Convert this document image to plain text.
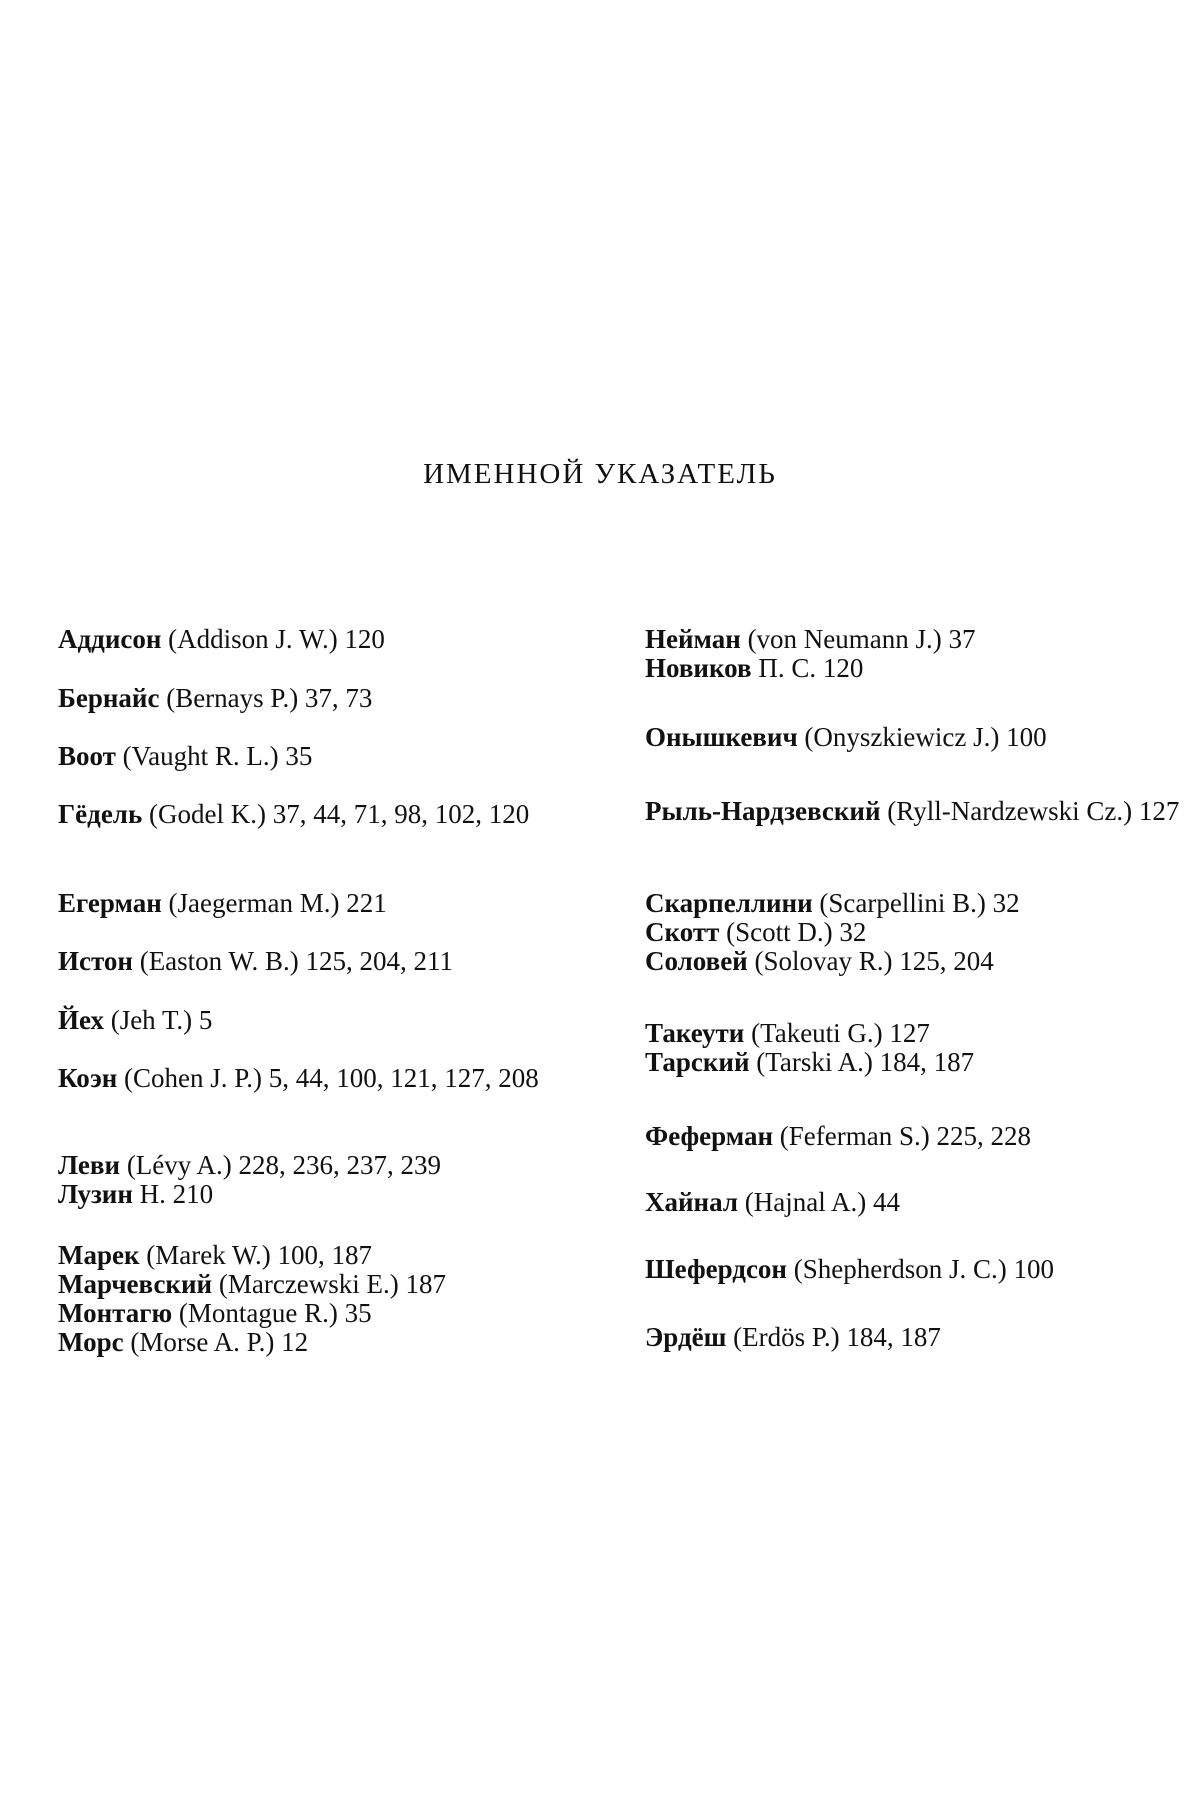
ИМЕННОЙ УКАЗАТЕЛЬ
Аддисон (Addison J. W.) 120
Бернайс (Bernays P.) 37, 73
Воот (Vaught R. L.) 35
Гёдель (Godel K.) 37, 44, 71, 98, 102, 120
Егерман (Jaegerman M.) 221
Истон (Easton W. B.) 125, 204, 211
Йех (Jeh T.) 5
Коэн (Cohen J. P.) 5, 44, 100, 121, 127, 208
Леви (Lévy A.) 228, 236, 237, 239
Лузин Н. 210
Марек (Marek W.) 100, 187
Марчевский (Marczewski E.) 187
Монтагю (Montague R.) 35
Морс (Morse A. P.) 12
Нейман (von Neumann J.) 37
Новиков П. С. 120
Онышкевич (Onyszkiewicz J.) 100
Рыль-Нардзевский (Ryll-Nardzewski Cz.) 127
Скарпеллини (Scarpellini B.) 32
Скотт (Scott D.) 32
Соловей (Solovay R.) 125, 204
Такеути (Takeuti G.) 127
Тарский (Tarski A.) 184, 187
Феферман (Feferman S.) 225, 228
Хайнал (Hajnal A.) 44
Шефердсон (Shepherdson J. C.) 100
Эрдёш (Erdös P.) 184, 187
